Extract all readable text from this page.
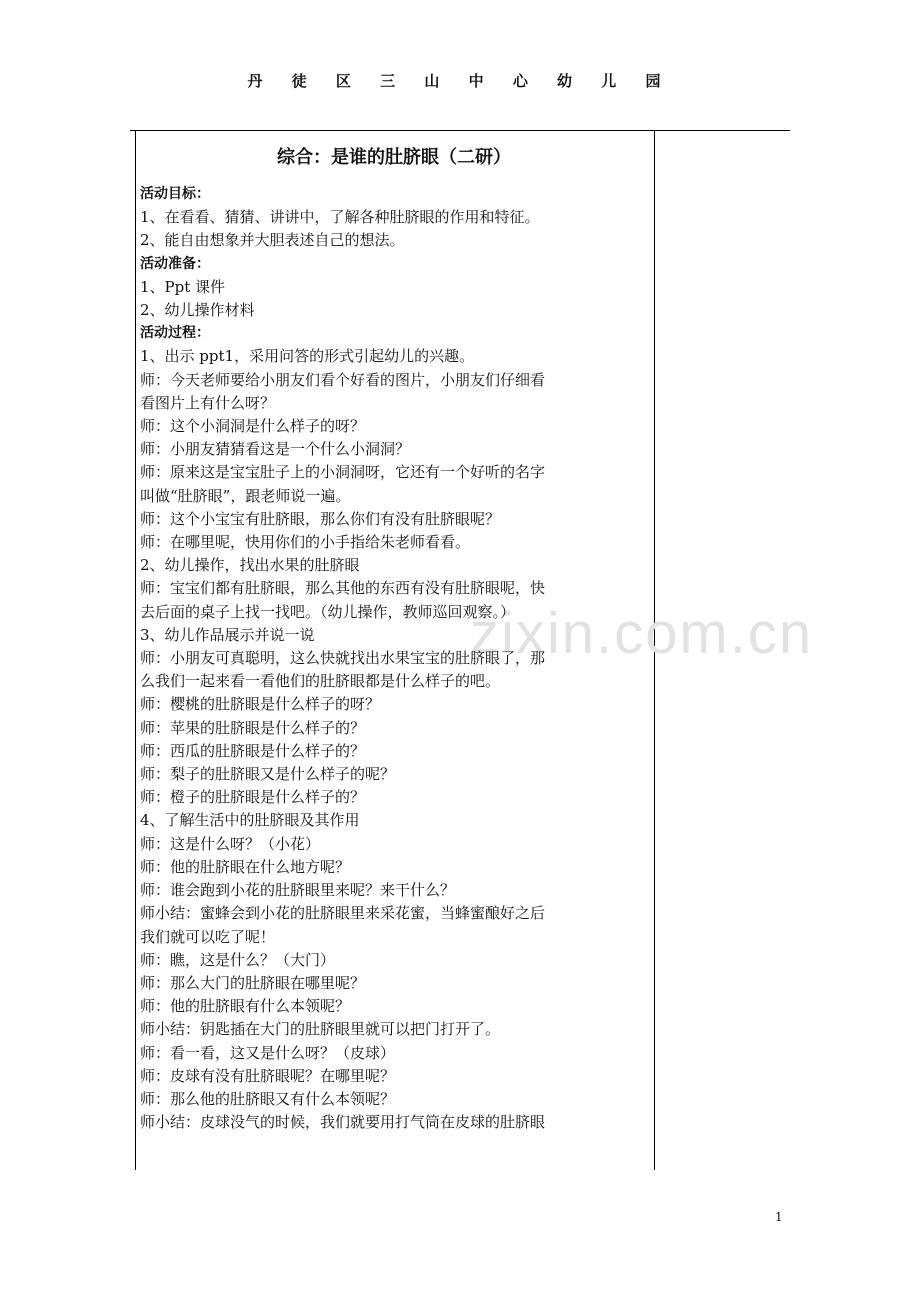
丹 徒 区 三 山 中 心 幼 儿 园
zixin.com.cn
综合：是谁的肚脐眼（二研）
活动目标：
1、在看看、猜猜、讲讲中，了解各种肚脐眼的作用和特征。
2、能自由想象并大胆表述自己的想法。
活动准备：
1、Ppt 课件
2、幼儿操作材料
活动过程：
1、出示 ppt1，采用问答的形式引起幼儿的兴趣。
师：今天老师要给小朋友们看个好看的图片，小朋友们仔细看
看图片上有什么呀？
师：这个小洞洞是什么样子的呀？
师：小朋友猜猜看这是一个什么小洞洞？
师：原来这是宝宝肚子上的小洞洞呀，它还有一个好听的名字
叫做“肚脐眼”，跟老师说一遍。
师：这个小宝宝有肚脐眼，那么你们有没有肚脐眼呢？
师：在哪里呢，快用你们的小手指给朱老师看看。
2、幼儿操作，找出水果的肚脐眼
师：宝宝们都有肚脐眼，那么其他的东西有没有肚脐眼呢，快
去后面的桌子上找一找吧。（幼儿操作，教师巡回观察。）
3、幼儿作品展示并说一说
师：小朋友可真聪明，这么快就找出水果宝宝的肚脐眼了，那
么我们一起来看一看他们的肚脐眼都是什么样子的吧。
师：樱桃的肚脐眼是什么样子的呀？
师：苹果的肚脐眼是什么样子的？
师：西瓜的肚脐眼是什么样子的？
师：梨子的肚脐眼又是什么样子的呢？
师：橙子的肚脐眼是什么样子的？
4、了解生活中的肚脐眼及其作用
师：这是什么呀？（小花）
师：他的肚脐眼在什么地方呢？
师：谁会跑到小花的肚脐眼里来呢？来干什么？
师小结：蜜蜂会到小花的肚脐眼里来采花蜜，当蜂蜜酿好之后
我们就可以吃了呢！
师：瞧，这是什么？（大门）
师：那么大门的肚脐眼在哪里呢？
师：他的肚脐眼有什么本领呢？
师小结：钥匙插在大门的肚脐眼里就可以把门打开了。
师：看一看，这又是什么呀？（皮球）
师：皮球有没有肚脐眼呢？在哪里呢？
师：那么他的肚脐眼又有什么本领呢？
师小结：皮球没气的时候，我们就要用打气筒在皮球的肚脐眼
1
